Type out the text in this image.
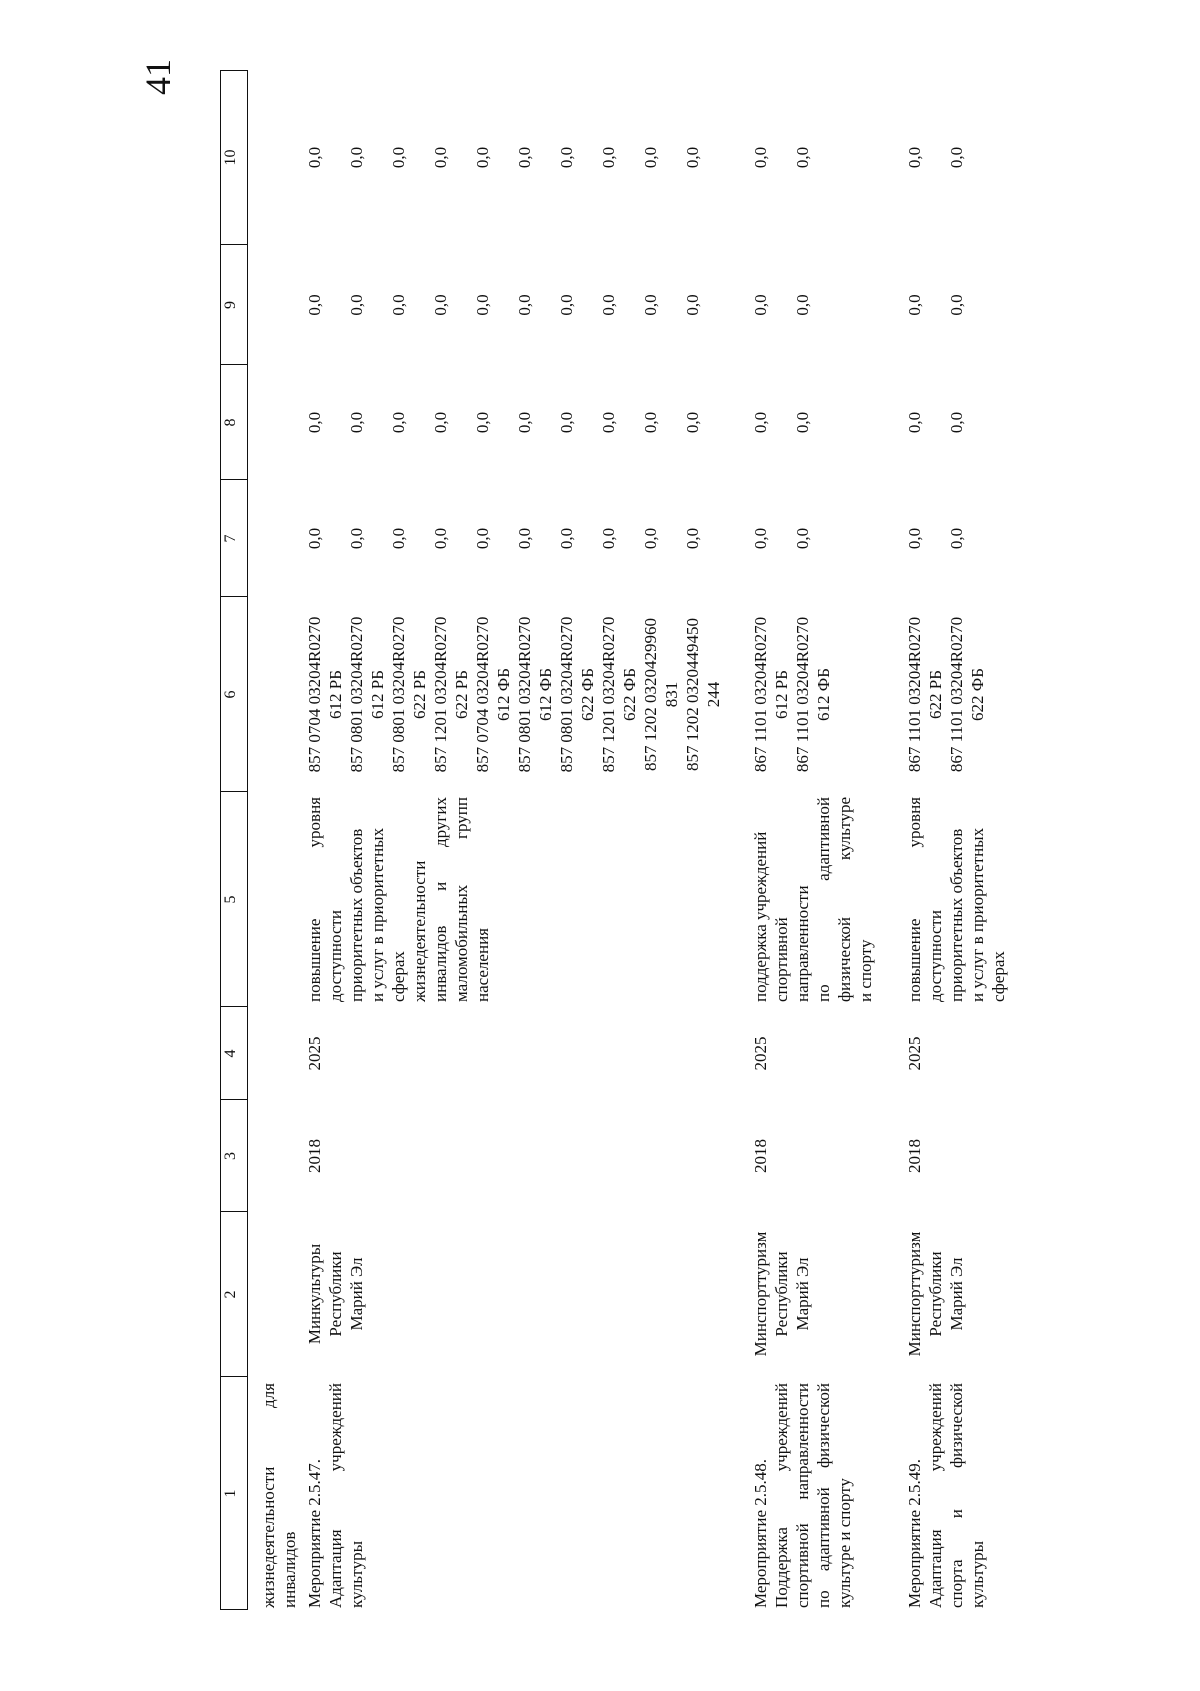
41
1
2
3
4
5
6
7
8
9
10
жизнедеятельности для инвалидов Мероприятие 2.5.47. Адаптация учреждений культуры
Минкультуры Республики Марий Эл
2018
2025
повышение уровня доступности приоритетных объектов и услуг в приоритетных сферах жизнедеятельности инвалидов и других маломобильных групп населения
857 0704 03204R0270 612 РБ 857 0801 03204R0270 612 РБ 857 0801 03204R0270 622 РБ 857 1201 03204R0270 622 РБ 857 0704 03204R0270 612 ФБ 857 0801 03204R0270 612 ФБ 857 0801 03204R0270 622 ФБ 857 1201 03204R0270 622 ФБ 857 1202 0320429960 831 857 1202 0320449450 244
0,0
0,0
0,0
0,0
0,0
0,0
0,0
0,0
0,0
0,0
0,0
0,0
0,0
0,0
0,0
0,0
0,0
0,0
0,0
0,0
0,0
0,0
0,0
0,0
0,0
0,0
0,0
0,0
0,0
0,0
0,0
0,0
0,0
0,0
0,0
0,0
0,0
0,0
0,0
0,0
Мероприятие 2.5.48. Поддержка учреждений спортивной направленности по адаптивной физической культуре и спорту
Минспорттуризм Республики Марий Эл
2018
2025
поддержка учреждений спортивной направленности по адаптивной физической культуре и спорту
867 1101 03204R0270 612 РБ 867 1101 03204R0270 612 ФБ
0,0
0,0
0,0
0,0
0,0
0,0
0,0
0,0
Мероприятие 2.5.49. Адаптация учреждений спорта и физической культуры
Минспорттуризм Республики Марий Эл
2018
2025
повышение уровня доступности приоритетных объектов и услуг в приоритетных сферах
867 1101 03204R0270 622 РБ 867 1101 03204R0270 622 ФБ
0,0
0,0
0,0
0,0
0,0
0,0
0,0
0,0
